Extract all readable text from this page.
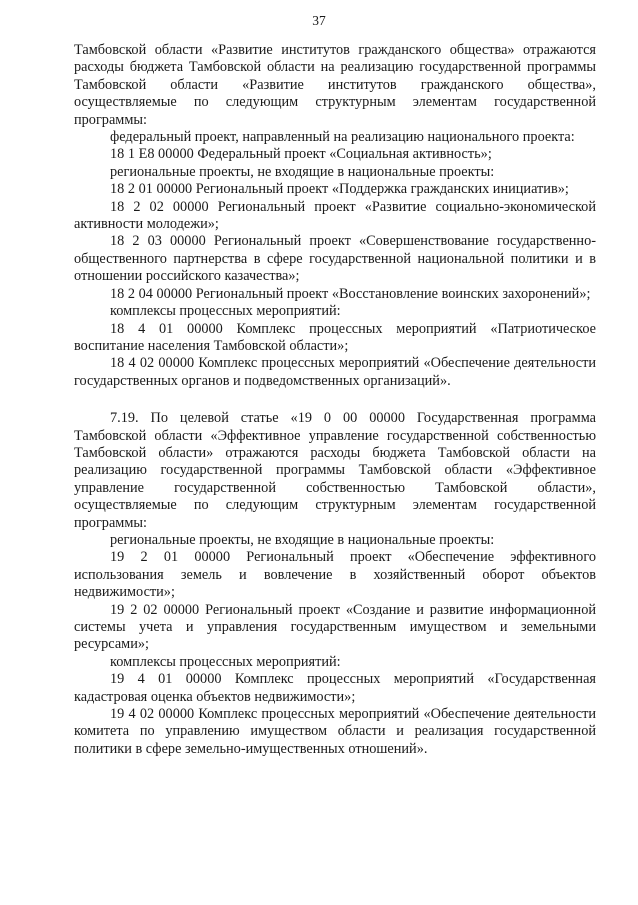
37

Тамбовской области «Развитие институтов гражданского общества» отражаются расходы бюджета Тамбовской области на реализацию государственной программы Тамбовской области «Развитие институтов гражданского общества», осуществляемые по следующим структурным элементам государственной программы:

федеральный проект, направленный на реализацию национального проекта:

18 1 Е8 00000 Федеральный проект «Социальная активность»;

региональные проекты, не входящие в национальные проекты:

18 2 01 00000 Региональный проект «Поддержка гражданских инициатив»;

18 2 02 00000 Региональный проект «Развитие социально-экономической активности молодежи»;

18 2 03 00000 Региональный проект «Совершенствование государственно-общественного партнерства в сфере государственной национальной политики и в отношении российского казачества»;

18 2 04 00000 Региональный проект «Восстановление воинских захоронений»;

комплексы процессных мероприятий:

18 4 01 00000 Комплекс процессных мероприятий «Патриотическое воспитание населения Тамбовской области»;

18 4 02 00000 Комплекс процессных мероприятий «Обеспечение деятельности государственных органов и подведомственных организаций».

7.19. По целевой статье «19 0 00 00000 Государственная программа Тамбовской области «Эффективное управление государственной собственностью Тамбовской области» отражаются расходы бюджета Тамбовской области на реализацию государственной программы Тамбовской области «Эффективное управление государственной собственностью Тамбовской области», осуществляемые по следующим структурным элементам государственной программы:

региональные проекты, не входящие в национальные проекты:

19 2 01 00000 Региональный проект «Обеспечение эффективного использования земель и вовлечение в хозяйственный оборот объектов недвижимости»;

19 2 02 00000 Региональный проект «Создание и развитие информационной системы учета и управления государственным имуществом и земельными ресурсами»;

комплексы процессных мероприятий:

19 4 01 00000 Комплекс процессных мероприятий «Государственная кадастровая оценка объектов недвижимости»;

19 4 02 00000 Комплекс процессных мероприятий «Обеспечение деятельности комитета по управлению имуществом области и реализация государственной политики в сфере земельно-имущественных отношений».
